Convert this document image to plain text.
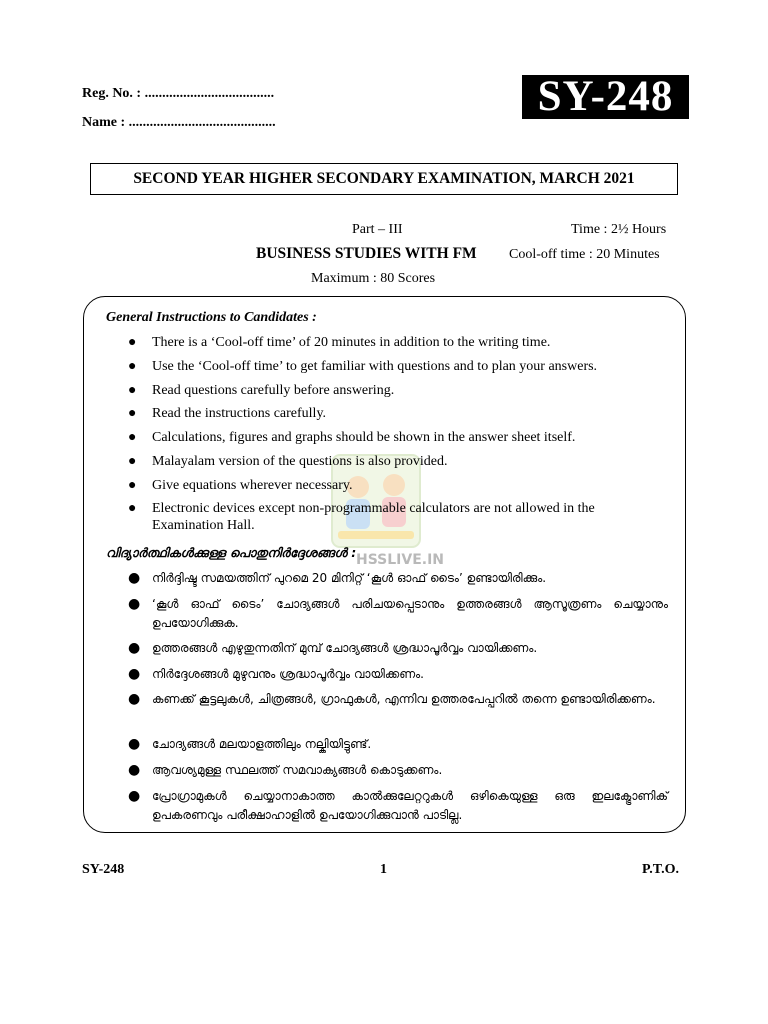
Reg. No. : .....................................
Name : ..........................................
SY-248
SECOND YEAR HIGHER SECONDARY EXAMINATION, MARCH 2021
Part – III	Time : 2½ Hours
BUSINESS STUDIES WITH FM Cool-off time : 20 Minutes
Maximum : 80 Scores
HSSLIVE.IN
General Instructions to Candidates :
● There is a ‘Cool-off time’ of 20 minutes in addition to the writing time.
● Use the ‘Cool-off time’ to get familiar with questions and to plan your answers.
● Read questions carefully before answering.
● Read the instructions carefully.
● Calculations, figures and graphs should be shown in the answer sheet itself.
● Malayalam version of the questions is also provided.
● Give equations wherever necessary.
● Electronic devices except non-programmable calculators are not allowed in the Examination Hall.
വിദ്യാർത്ഥികൾക്കുള്ള പൊതുനിർദ്ദേശങ്ങൾ :
● നിർദ്ദിഷ്ട സമയത്തിന് പുറമെ 20 മിനിറ്റ് ‘കൂൾ ഓഫ് ടൈം’ ഉണ്ടായിരിക്കും.
● ‘കൂൾ ഓഫ് ടൈം’ ചോദ്യങ്ങൾ പരിചയപ്പെടാനും ഉത്തരങ്ങൾ ആസൂത്രണം ചെയ്യാനും ഉപയോഗിക്കുക.
● ഉത്തരങ്ങൾ എഴുതുന്നതിന് മുമ്പ് ചോദ്യങ്ങൾ ശ്രദ്ധാപൂർവ്വം വായിക്കണം.
● നിർദ്ദേശങ്ങൾ മുഴുവനും ശ്രദ്ധാപൂർവ്വം വായിക്കണം.
● കണക്ക് കൂട്ടലുകൾ, ചിത്രങ്ങൾ, ഗ്രാഫുകൾ, എന്നിവ ഉത്തരപേപ്പറിൽ തന്നെ ഉണ്ടായിരിക്കണം.
● ചോദ്യങ്ങൾ മലയാളത്തിലും നല്കിയിട്ടുണ്ട്.
● ആവശ്യമുള്ള സ്ഥലത്ത് സമവാക്യങ്ങൾ കൊടുക്കണം.
● പ്രോഗ്രാമുകൾ ചെയ്യാനാകാത്ത കാൽക്കുലേറ്ററുകൾ ഒഴികെയുള്ള ഒരു ഇലക്ട്രോണിക് ഉപകരണവും പരീക്ഷാഹാളിൽ ഉപയോഗിക്കുവാൻ പാടില്ല.
SY-248	1	P.T.O.
